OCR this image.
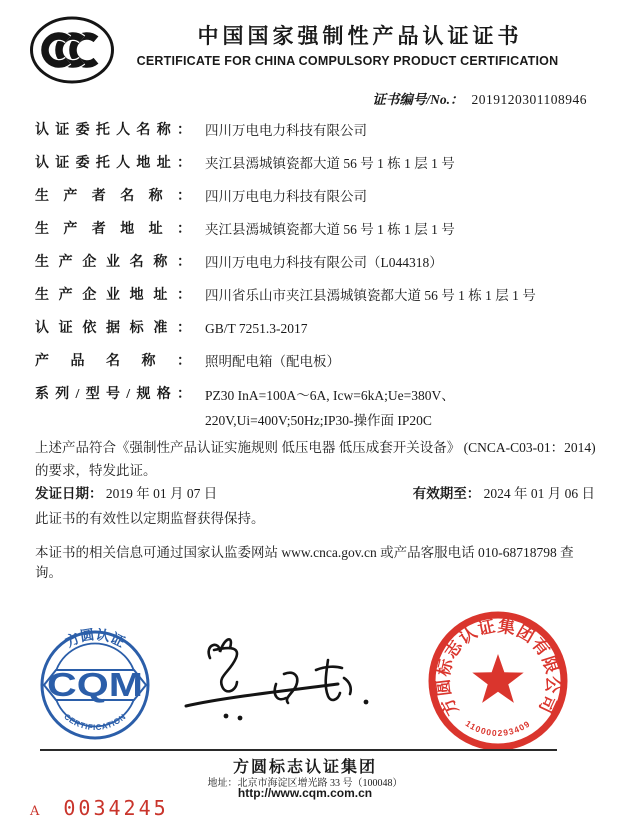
中国国家强制性产品认证证书
CERTIFICATE FOR CHINA COMPULSORY PRODUCT CERTIFICATION
证书编号/No.： 2019120301108946
认证委托人名称： 四川万电电力科技有限公司
认证委托人地址： 夹江县漹城镇瓷都大道 56 号 1 栋 1 层 1 号
生产者名称： 四川万电电力科技有限公司
生产者地址： 夹江县漹城镇瓷都大道 56 号 1 栋 1 层 1 号
生产企业名称： 四川万电电力科技有限公司（L044318）
生产企业地址： 四川省乐山市夹江县漹城镇瓷都大道 56 号 1 栋 1 层 1 号
认证依据标准： GB/T 7251.3-2017
产品名称： 照明配电箱（配电板）
系列/型号/规格： PZ30 InA=100A～6A, Icw=6kA;Ue=380V、220V,Ui=400V;50Hz;IP30-操作面 IP20C
上述产品符合《强制性产品认证实施规则 低压电器 低压成套开关设备》 (CNCA-C03-01：2014)的要求，特发此证。
发证日期： 2019 年 01 月 07 日	有效期至： 2024 年 01 月 06 日
此证书的有效性以定期监督获得保持。
本证书的相关信息可通过国家认监委网站 www.cnca.gov.cn 或产品客服电话 010-68718798 查询。
方圆认证
CQM
CERTIFICATION	方圆标志认证集团有限公司
110000293409
方圆标志认证集团
地址：北京市海淀区增光路 33 号（100048）
http://www.cqm.com.cn
A 0034245
